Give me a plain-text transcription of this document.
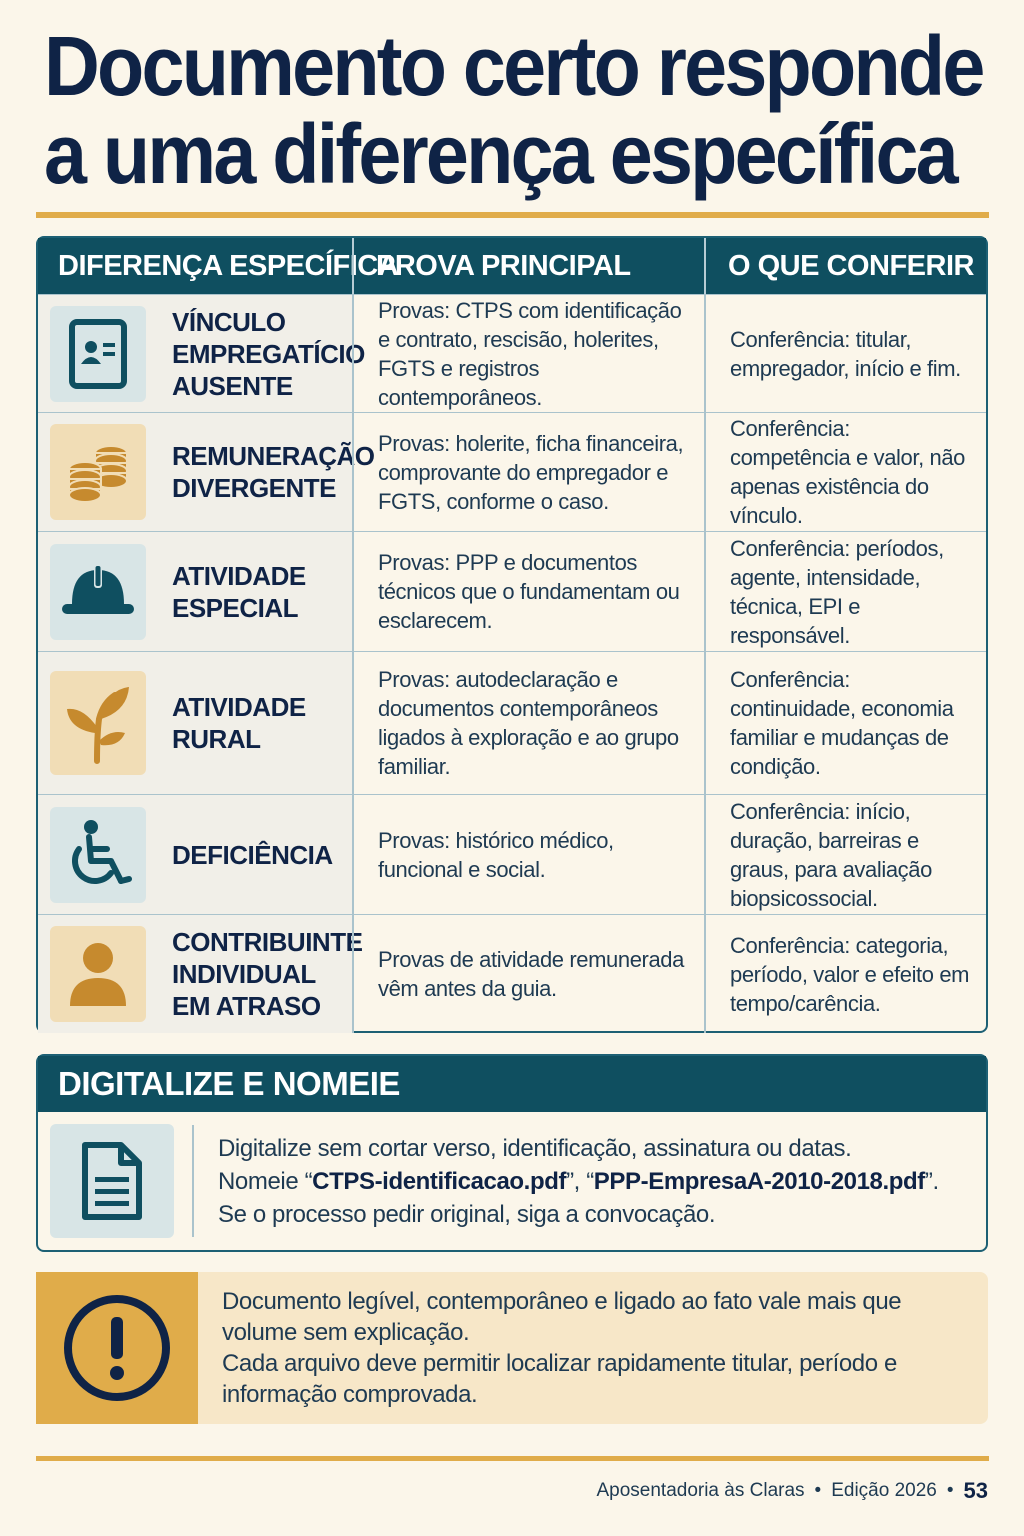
Documento certo responde
a uma diferença específica
DIFERENÇA ESPECÍFICA
PROVA PRINCIPAL	O QUE CONFERIR
VÍNCULO EMPREGATÍCIO AUSENTE
Provas: CTPS com identificação e contrato, rescisão, holerites, FGTS e registros contemporâneos.
Conferência: titular, empregador, início e fim.
REMUNERAÇÃO DIVERGENTE
Provas: holerite, ficha financeira, comprovante do empregador e FGTS, conforme o caso.
Conferência: competência e valor, não apenas existência do vínculo.
ATIVIDADE ESPECIAL
Provas: PPP e documentos técnicos que o fundamentam ou esclarecem.
Conferência: períodos, agente, intensidade, técnica, EPI e responsável.
ATIVIDADE RURAL
Provas: autodeclaração e documentos contemporâneos ligados à exploração e ao grupo familiar.
Conferência: continuidade, economia familiar e mudanças de condição.
DEFICIÊNCIA	Provas: histórico médico, funcional e social.
Conferência: início, duração, barreiras e graus, para avaliação biopsicossocial.
CONTRIBUINTE INDIVIDUAL EM ATRASO
Provas de atividade remunerada vêm antes da guia.
Conferência: categoria, período, valor e efeito em tempo/carência.
DIGITALIZE E NOMEIE
Digitalize sem cortar verso, identificação, assinatura ou datas.
Nomeie “CTPS-identificacao.pdf”, “PPP-EmpresaA-2010-2018.pdf”.
Se o processo pedir original, siga a convocação.
Documento legível, contemporâneo e ligado ao fato vale mais que volume sem explicação.
Cada arquivo deve permitir localizar rapidamente titular, período e informação comprovada.
Aposentadoria às Claras • Edição 2026 • 53
